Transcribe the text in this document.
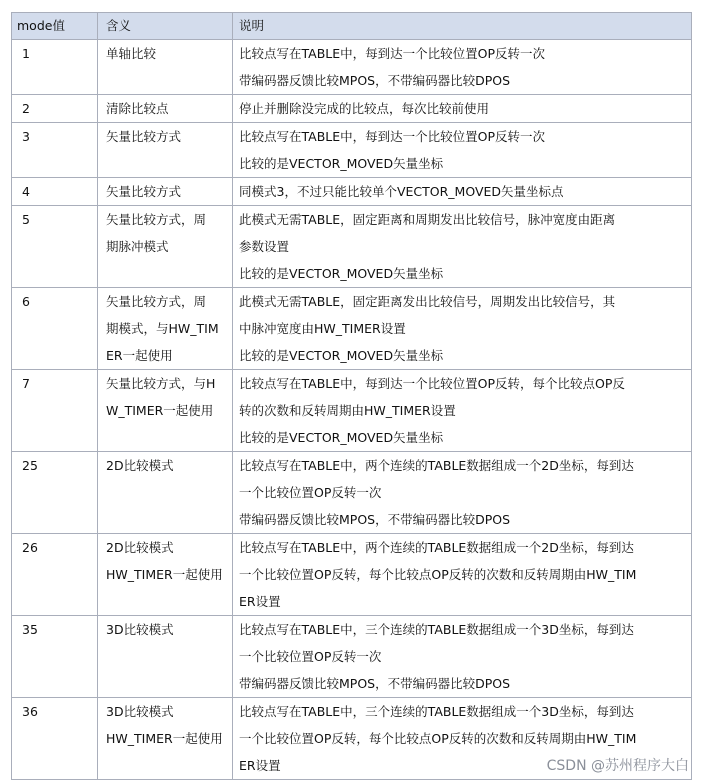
mode值	含义	说明
1	单轴比较	比较点写在TABLE中，每到达一个比较位置OP反转一次
带编码器反馈比较MPOS，不带编码器比较DPOS

2	清除比较点	停止并删除没完成的比较点，每次比较前使用

3	矢量比较方式	比较点写在TABLE中，每到达一个比较位置OP反转一次
比较的是VECTOR_MOVED矢量坐标

4	矢量比较方式	同模式3，不过只能比较单个VECTOR_MOVED矢量坐标点

5	矢量比较方式，周
期脉冲模式	此模式无需TABLE，固定距离和周期发出比较信号，脉冲宽度由距离
参数设置
比较的是VECTOR_MOVED矢量坐标

6	矢量比较方式，周
期模式，与HW_TIM
ER一起使用	此模式无需TABLE，固定距离发出比较信号，周期发出比较信号，其
中脉冲宽度由HW_TIMER设置
比较的是VECTOR_MOVED矢量坐标

7	矢量比较方式，与H
W_TIMER一起使用	比较点写在TABLE中，每到达一个比较位置OP反转，每个比较点OP反
转的次数和反转周期由HW_TIMER设置
比较的是VECTOR_MOVED矢量坐标

25	2D比较模式	比较点写在TABLE中，两个连续的TABLE数据组成一个2D坐标，每到达
一个比较位置OP反转一次
带编码器反馈比较MPOS，不带编码器比较DPOS

26	2D比较模式
HW_TIMER一起使用	比较点写在TABLE中，两个连续的TABLE数据组成一个2D坐标，每到达
一个比较位置OP反转，每个比较点OP反转的次数和反转周期由HW_TIM
ER设置

35	3D比较模式	比较点写在TABLE中，三个连续的TABLE数据组成一个3D坐标，每到达
一个比较位置OP反转一次
带编码器反馈比较MPOS，不带编码器比较DPOS

36	3D比较模式
HW_TIMER一起使用	比较点写在TABLE中，三个连续的TABLE数据组成一个3D坐标，每到达
一个比较位置OP反转，每个比较点OP反转的次数和反转周期由HW_TIM
ER设置	CSDN @苏州程序大白
